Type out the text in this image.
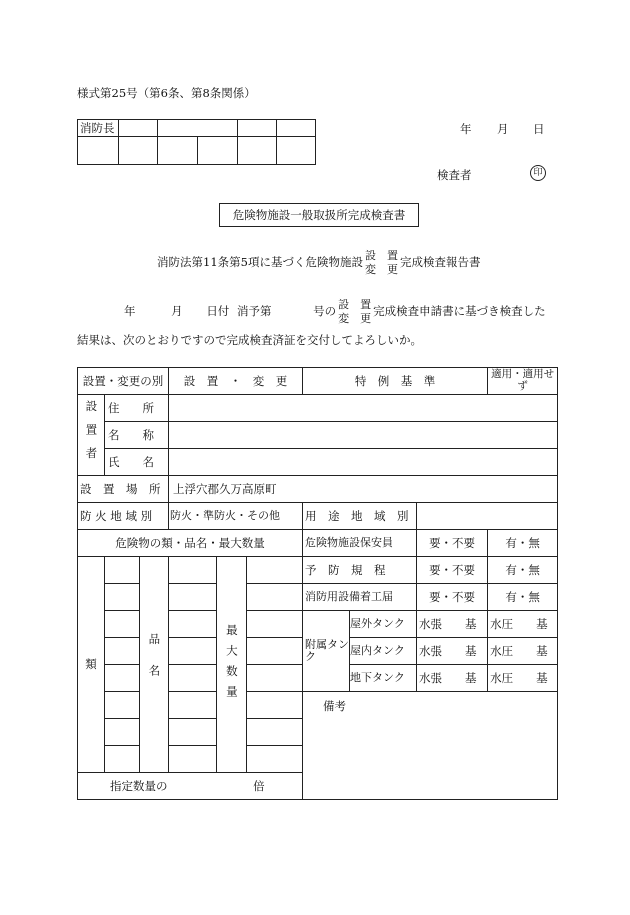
様式第25号（第6条、第8条関係）
消防長				

			年 月 日
検査者	印
危険物施設一般取扱所完成検査書
消防法第11条第5項に基づく危険物施設 設　 置
変　 更
完成検査報告書
年	月 日付 消予第	号の 設　 置
変　 更
完成検査申請書に基づき検査した
結果は、次のとおりですので完成検査済証を交付してよろしいか。
設置・変更の別			設　置　・　変　更			特　例　基　準			適用・適用せず

設置者	住　　所								
	名　　称								
	氏　　名								
設　置　場　所			上浮穴郡久万高原町						
防 火 地 域 別			防火・準防火・その他			用　途　地　域　別			
危険物の類・品名・最大数量						危険物施設保安員		要・不要	有・無
類		品名		最大数量		予　防　規　程		要・不要	有・無
						消防用設備着工届		要・不要	有・無
						附属タンク	屋外タンク	水張　　基	水圧　　基
							屋内タンク	水張　　基	水圧　　基
							地下タンク	水張　　基	水圧　　基
						備考			

指定数量の 倍									
